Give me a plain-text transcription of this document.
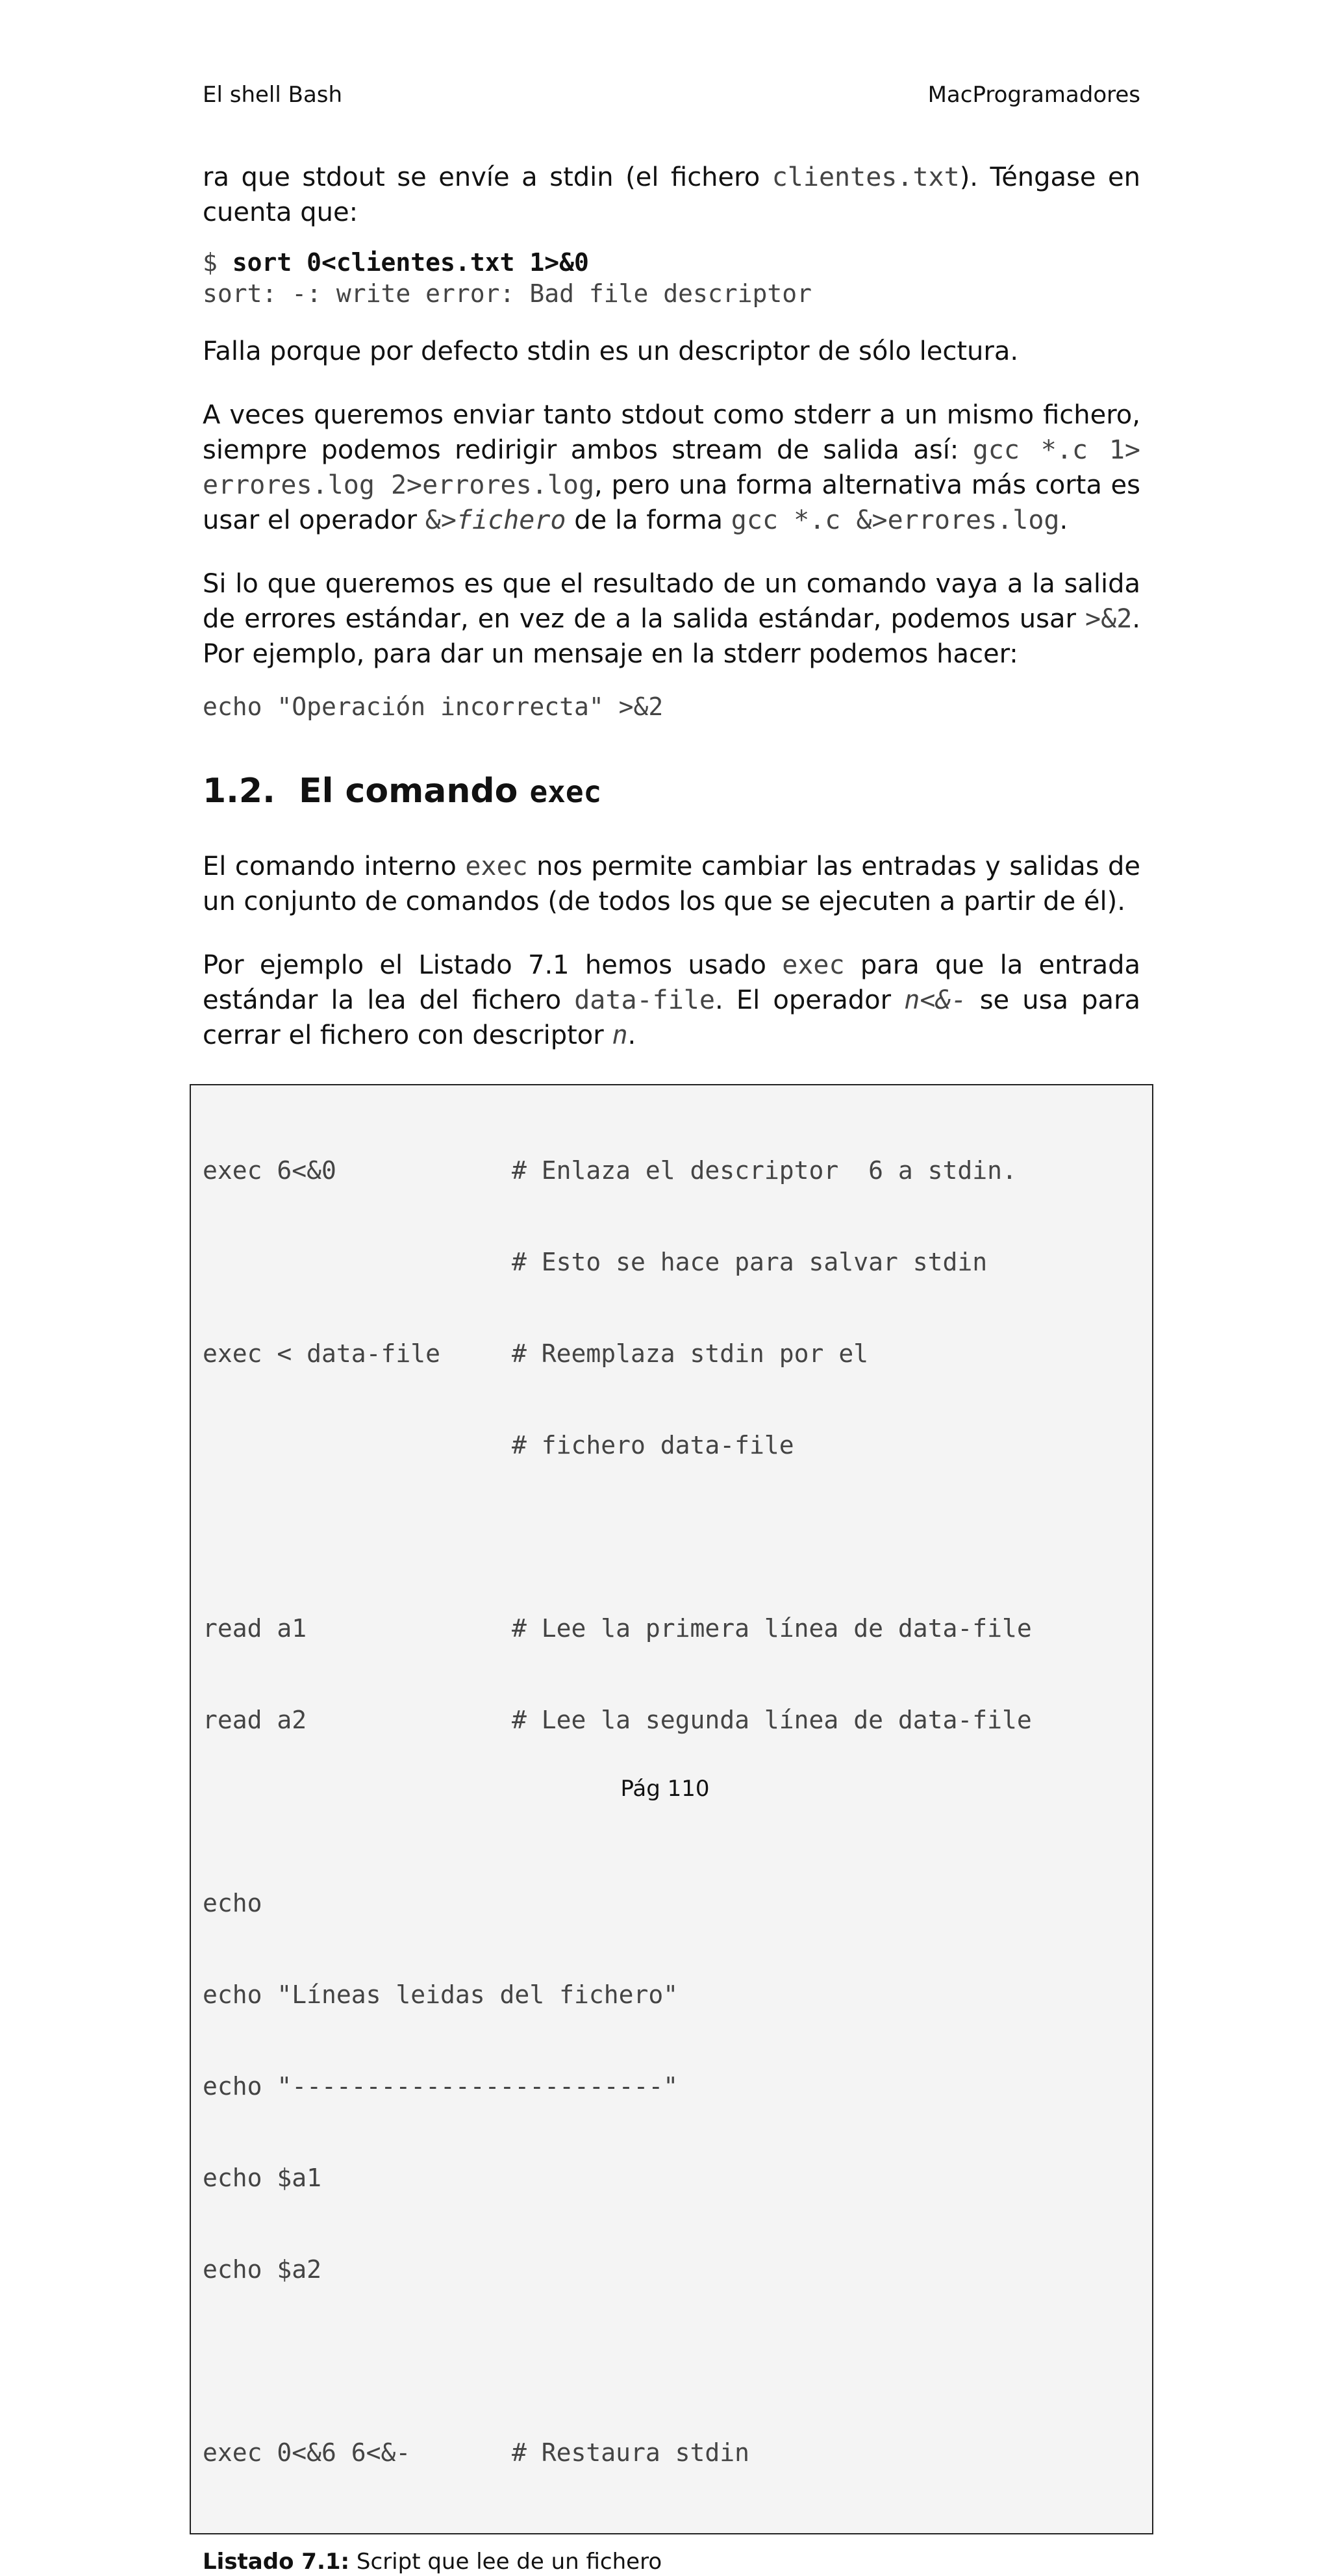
El shell Bash	MacProgramadores

ra que stdout se envíe a stdin (el fichero clientes.txt). Téngase en cuenta que:

$ sort 0<clientes.txt 1>&0
sort: -: write error: Bad file descriptor

Falla porque por defecto stdin es un descriptor de sólo lectura.

A veces queremos enviar tanto stdout como stderr a un mismo fichero, siempre podemos redirigir ambos stream de salida así: gcc *.c 1> errores.log 2>errores.log, pero una forma alternativa más corta es usar el operador &>fichero de la forma gcc *.c &>errores.log.

Si lo que queremos es que el resultado de un comando vaya a la salida de errores estándar, en vez de a la salida estándar, podemos usar >&2. Por ejemplo, para dar un mensaje en la stderr podemos hacer:

echo "Operación incorrecta" >&2
1.2. El comando exec

El comando interno exec nos permite cambiar las entradas y salidas de un conjunto de comandos (de todos los que se ejecuten a partir de él).

Por ejemplo el Listado 7.1 hemos usado exec para que la entrada estándar la lea del fichero data-file. El operador n<&- se usa para cerrar el fichero con descriptor n.

exec 6<&0	# Enlaza el descriptor  6 a stdin.

# Esto se hace para salvar stdin

exec < data-file	# Reemplaza stdin por el

# fichero data-file

read a1	# Lee la primera línea de data-file

read a2	# Lee la segunda línea de data-file

echo

echo "Líneas leidas del fichero"

echo "-------------------------"

echo $a1

echo $a2

exec 0<&6 6<&-	# Restaura stdin

Listado 7.1: Script que lee de un fichero
Pág 110
